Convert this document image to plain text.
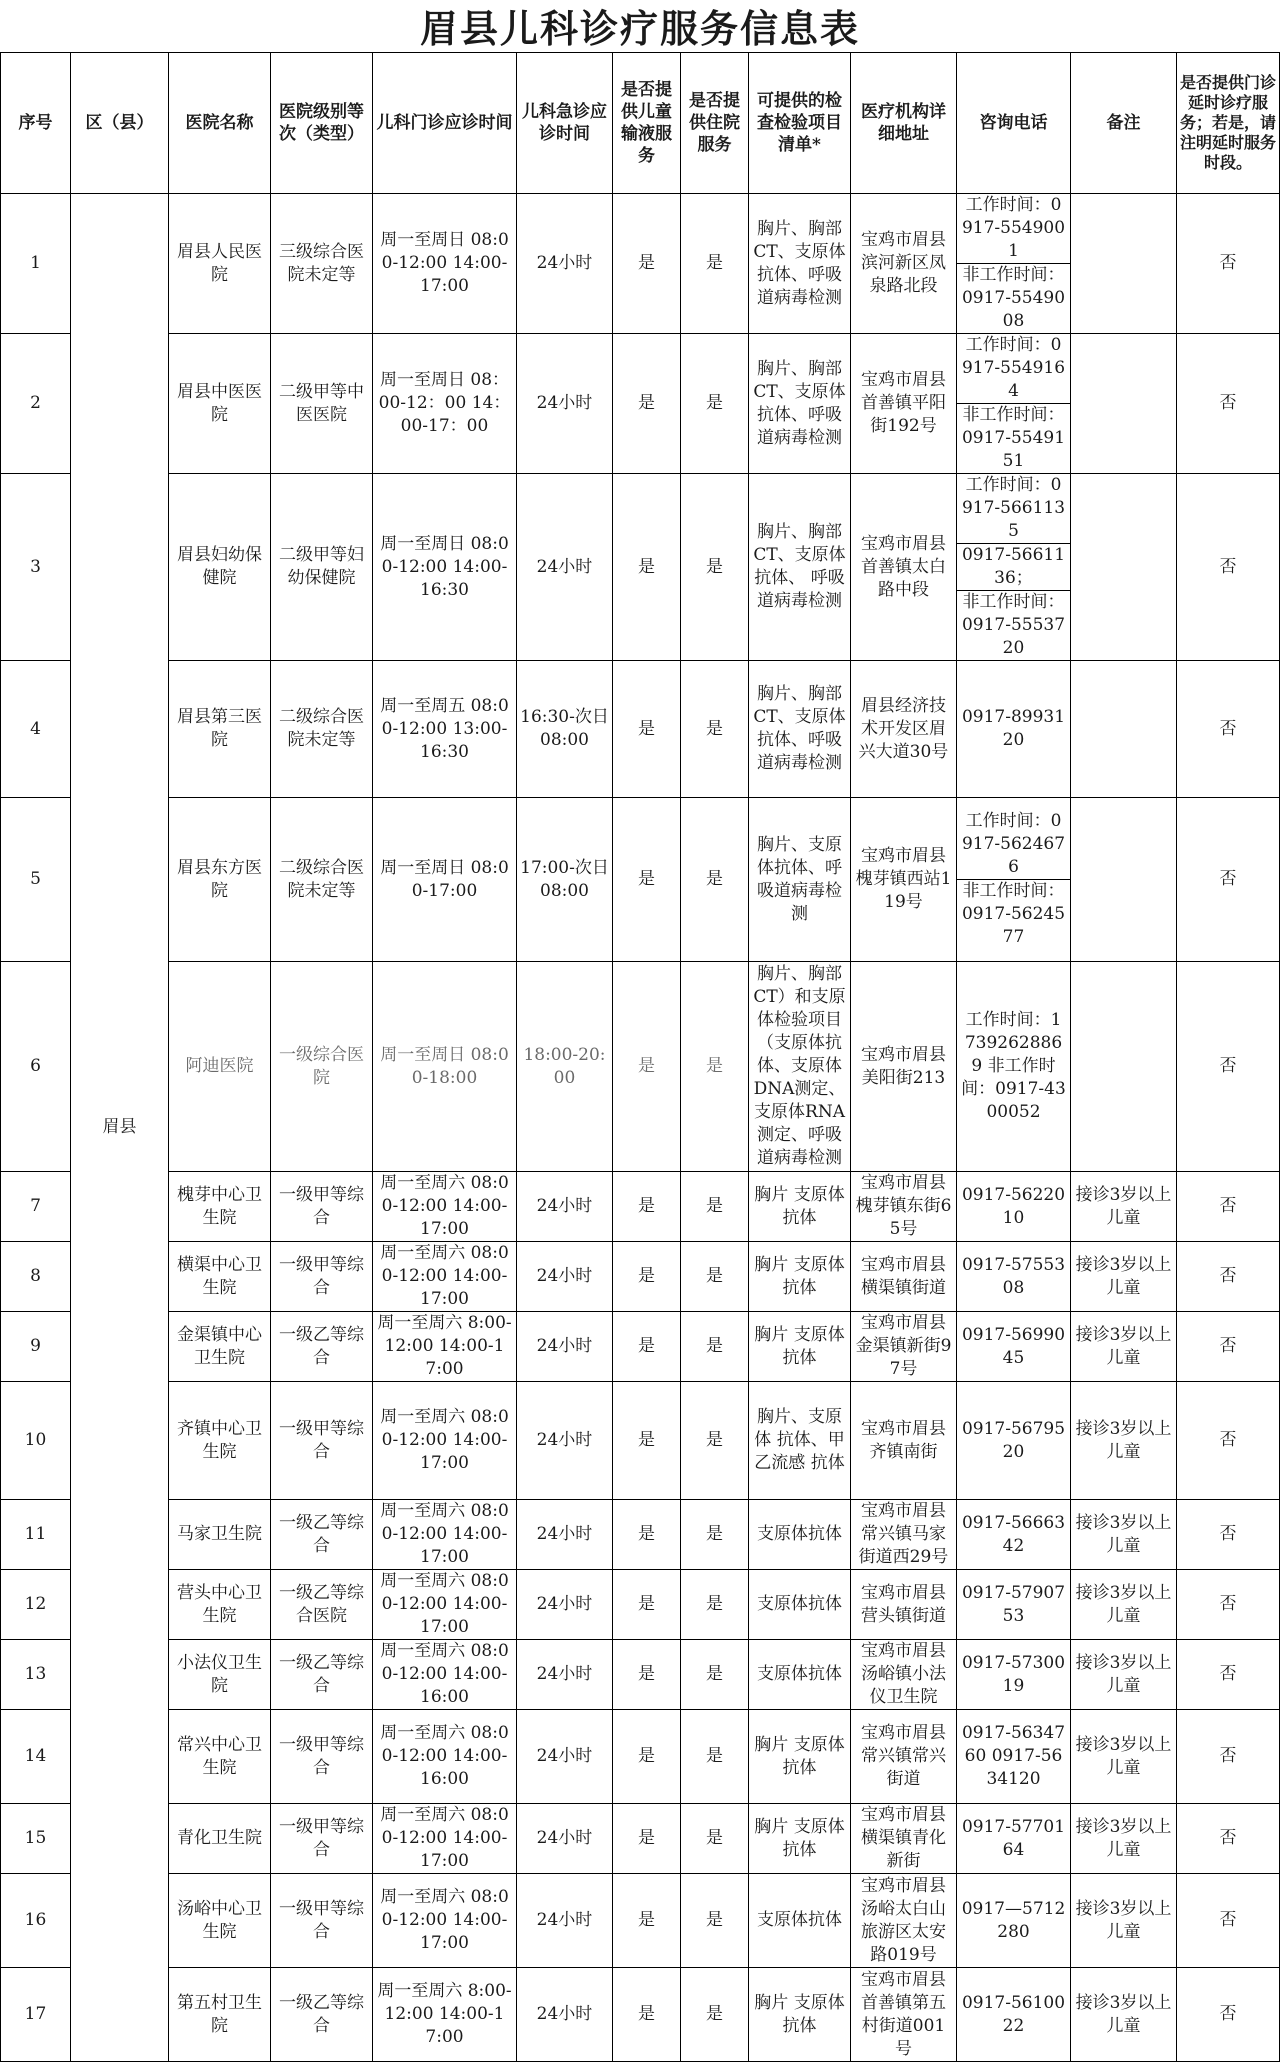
眉县儿科诊疗服务信息表
序号	区（县）	医院名称	医院级别等次（类型）	儿科门诊应诊时间	儿科急诊应诊时间	是否提供儿童输液服务	是否提供住院服务	可提供的检查检验项目清单*	医疗机构详细地址	咨询电话	备注	是否提供门诊延时诊疗服务；若是，请注明延时服务时段。
1	眉县	眉县人民医院	三级综合医院未定等	周一至周日 08:00-12:00 14:00-17:00	24小时	是	是	胸片、胸部CT、支原体抗体、呼吸道病毒检测	宝鸡市眉县滨河新区凤泉路北段	工作时间：0917-5549001
非工作时间：0917-5549008		否
2		眉县中医医院	二级甲等中医医院	周一至周日 08：00-12：00 14：00-17：00	24小时	是	是	胸片、胸部CT、支原体抗体、呼吸道病毒检测	宝鸡市眉县首善镇平阳街192号	工作时间：0917-5549164
非工作时间：0917-5549151		否
3		眉县妇幼保健院	二级甲等妇幼保健院	周一至周日 08:00-12:00 14:00-16:30	24小时	是	是	胸片、胸部CT、支原体抗体、 呼吸道病毒检测	宝鸡市眉县首善镇太白路中段	工作时间：0917-5661135
0917-5661136；
非工作时间：0917-5553720		否
4		眉县第三医院	二级综合医院未定等	周一至周五 08:00-12:00 13:00-16:30	16:30-次日08:00	是	是	胸片、胸部CT、支原体抗体、呼吸道病毒检测	眉县经济技术开发区眉兴大道30号	0917-8993120		否
5		眉县东方医院	二级综合医院未定等	周一至周日 08:00-17:00	17:00-次日08:00	是	是	胸片、支原体抗体、呼吸道病毒检测	宝鸡市眉县槐芽镇西站119号	工作时间：0917-5624676
非工作时间：0917-5624577		否
6		阿迪医院	一级综合医院	周一至周日 08:00-18:00	18:00-20:00	是	是	胸片、胸部CT）和支原体检验项目（支原体抗体、支原体DNA测定、支原体RNA测定、呼吸道病毒检测	宝鸡市眉县美阳街213	工作时间：17392628869 非工作时间：0917-4300052		否
7		槐芽中心卫生院	一级甲等综合	周一至周六 08:00-12:00 14:00-17:00	24小时	是	是	胸片 支原体抗体	宝鸡市眉县槐芽镇东街65号	0917-5622010	接诊3岁以上儿童	否
8		横渠中心卫生院	一级甲等综合	周一至周六 08:00-12:00 14:00-17:00	24小时	是	是	胸片 支原体抗体	宝鸡市眉县横渠镇街道	0917-5755308	接诊3岁以上儿童	否
9		金渠镇中心卫生院	一级乙等综合	周一至周六 8:00-12:00 14:00-17:00	24小时	是	是	胸片 支原体抗体	宝鸡市眉县金渠镇新街97号	0917-5699045	接诊3岁以上儿童	否
10		齐镇中心卫生院	一级甲等综合	周一至周六 08:00-12:00 14:00-17:00	24小时	是	是	胸片、支原体 抗体、甲乙流感 抗体	宝鸡市眉县齐镇南街	0917-5679520	接诊3岁以上儿童	否
11		马家卫生院	一级乙等综合	周一至周六 08:00-12:00 14:00-17:00	24小时	是	是	支原体抗体	宝鸡市眉县常兴镇马家街道西29号	0917-5666342	接诊3岁以上儿童	否
12		营头中心卫生院	一级乙等综合医院	周一至周六 08:00-12:00 14:00-17:00	24小时	是	是	支原体抗体	宝鸡市眉县营头镇街道	0917-5790753	接诊3岁以上儿童	否
13		小法仪卫生院	一级乙等综合	周一至周六 08:00-12:00 14:00-16:00	24小时	是	是	支原体抗体	宝鸡市眉县汤峪镇小法仪卫生院	0917-5730019	接诊3岁以上儿童	否
14		常兴中心卫生院	一级甲等综合	周一至周六 08:00-12:00 14:00-16:00	24小时	是	是	胸片 支原体抗体	宝鸡市眉县常兴镇常兴街道	0917-5634760 0917-5634120	接诊3岁以上儿童	否
15		青化卫生院	一级甲等综合	周一至周六 08:00-12:00 14:00-17:00	24小时	是	是	胸片 支原体抗体	宝鸡市眉县横渠镇青化新街	0917-5770164	接诊3岁以上儿童	否
16		汤峪中心卫生院	一级甲等综合	周一至周六 08:00-12:00 14:00-17:00	24小时	是	是	支原体抗体	宝鸡市眉县汤峪太白山旅游区太安路019号	0917—5712280	接诊3岁以上儿童	否
17		第五村卫生院	一级乙等综合	周一至周六 8:00-12:00 14:00-17:00	24小时	是	是	胸片 支原体抗体	宝鸡市眉县首善镇第五村街道001号	0917-5610022	接诊3岁以上儿童	否
